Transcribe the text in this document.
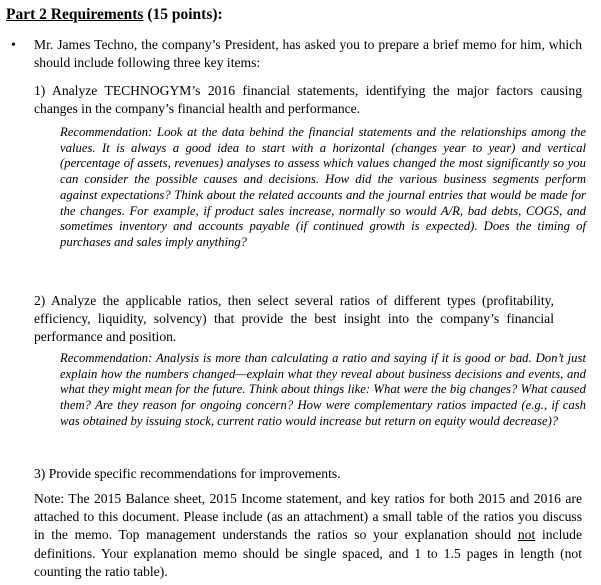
Part 2 Requirements (15 points):
• Mr. James Techno, the company’s President, has asked you to prepare a brief memo for him, which should include following three key items:

1) Analyze TECHNOGYM’s 2016 financial statements, identifying the major factors causing changes in the company’s financial health and performance.

Recommendation: Look at the data behind the financial statements and the relationships among the values. It is always a good idea to start with a horizontal (changes year to year) and vertical (percentage of assets, revenues) analyses to assess which values changed the most significantly so you can consider the possible causes and decisions. How did the various business segments perform against expectations? Think about the related accounts and the journal entries that would be made for the changes. For example, if product sales increase, normally so would A/R, bad debts, COGS, and sometimes inventory and accounts payable (if continued growth is expected). Does the timing of purchases and sales imply anything?

2) Analyze the applicable ratios, then select several ratios of different types (profitability, efficiency, liquidity, solvency) that provide the best insight into the company’s financial performance and position.

Recommendation: Analysis is more than calculating a ratio and saying if it is good or bad. Don’t just explain how the numbers changed—explain what they reveal about business decisions and events, and what they might mean for the future. Think about things like: What were the big changes? What caused them? Are they reason for ongoing concern? How were complementary ratios impacted (e.g., if cash was obtained by issuing stock, current ratio would increase but return on equity would decrease)?

3) Provide specific recommendations for improvements.

Note: The 2015 Balance sheet, 2015 Income statement, and key ratios for both 2015 and 2016 are attached to this document. Please include (as an attachment) a small table of the ratios you discuss in the memo. Top management understands the ratios so your explanation should not include definitions. Your explanation memo should be single spaced, and 1 to 1.5 pages in length (not counting the ratio table).
